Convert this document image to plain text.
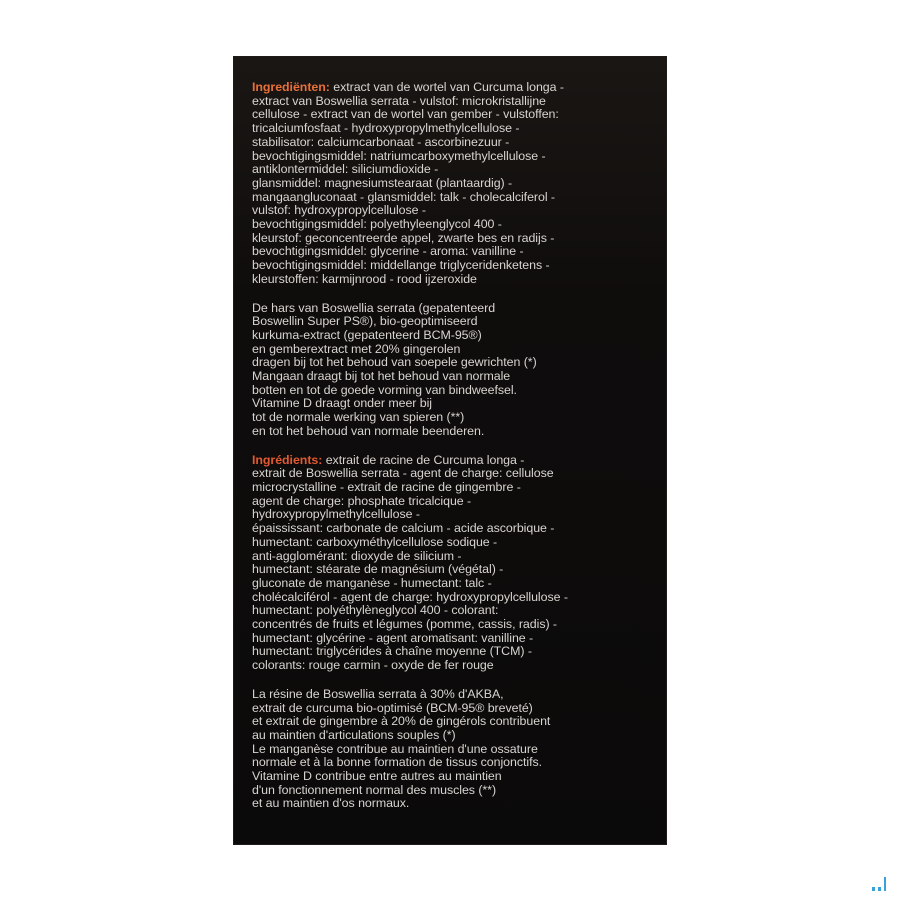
Ingrediënten: extract van de wortel van Curcuma longa -
extract van Boswellia serrata - vulstof: microkristallijne
cellulose - extract van de wortel van gember - vulstoffen:
tricalciumfosfaat - hydroxypropylmethylcellulose -
stabilisator: calciumcarbonaat - ascorbinezuur -
bevochtigingsmiddel: natriumcarboxymethylcellulose -
antiklontermiddel: siliciumdioxide -
glansmiddel: magnesiumstearaat (plantaardig) -
mangaangluconaat - glansmiddel: talk - cholecalciferol -
vulstof: hydroxypropylcellulose -
bevochtigingsmiddel: polyethyleenglycol 400 -
kleurstof: geconcentreerde appel, zwarte bes en radijs -
bevochtigingsmiddel: glycerine - aroma: vanilline -
bevochtigingsmiddel: middellange triglyceridenketens -
kleurstoffen: karmijnrood - rood ijzeroxide
De hars van Boswellia serrata (gepatenteerd
Boswellin Super PS®), bio-geoptimiseerd
kurkuma-extract (gepatenteerd BCM-95®)
en gemberextract met 20% gingerolen
dragen bij tot het behoud van soepele gewrichten (*)
Mangaan draagt bij tot het behoud van normale
botten en tot de goede vorming van bindweefsel.
Vitamine D draagt onder meer bij
tot de normale werking van spieren (**)
en tot het behoud van normale beenderen.
Ingrédients: extrait de racine de Curcuma longa -
extrait de Boswellia serrata - agent de charge: cellulose
microcrystalline - extrait de racine de gingembre -
agent de charge: phosphate tricalcique -
hydroxypropylmethylcellulose -
épaississant: carbonate de calcium - acide ascorbique -
humectant: carboxyméthylcellulose sodique -
anti-agglomérant: dioxyde de silicium -
humectant: stéarate de magnésium (végétal) -
gluconate de manganèse - humectant: talc -
cholécalciférol - agent de charge: hydroxypropylcellulose -
humectant: polyéthylèneglycol 400 - colorant:
concentrés de fruits et légumes (pomme, cassis, radis) -
humectant: glycérine - agent aromatisant: vanilline -
humectant: triglycérides à chaîne moyenne (TCM) -
colorants: rouge carmin - oxyde de fer rouge
La résine de Boswellia serrata à 30% d'AKBA,
extrait de curcuma bio-optimisé (BCM-95® breveté)
et extrait de gingembre à 20% de gingérols contribuent
au maintien d'articulations souples (*)
Le manganèse contribue au maintien d'une ossature
normale et à la bonne formation de tissus conjonctifs.
Vitamine D contribue entre autres au maintien
d'un fonctionnement normal des muscles (**)
et au maintien d'os normaux.
